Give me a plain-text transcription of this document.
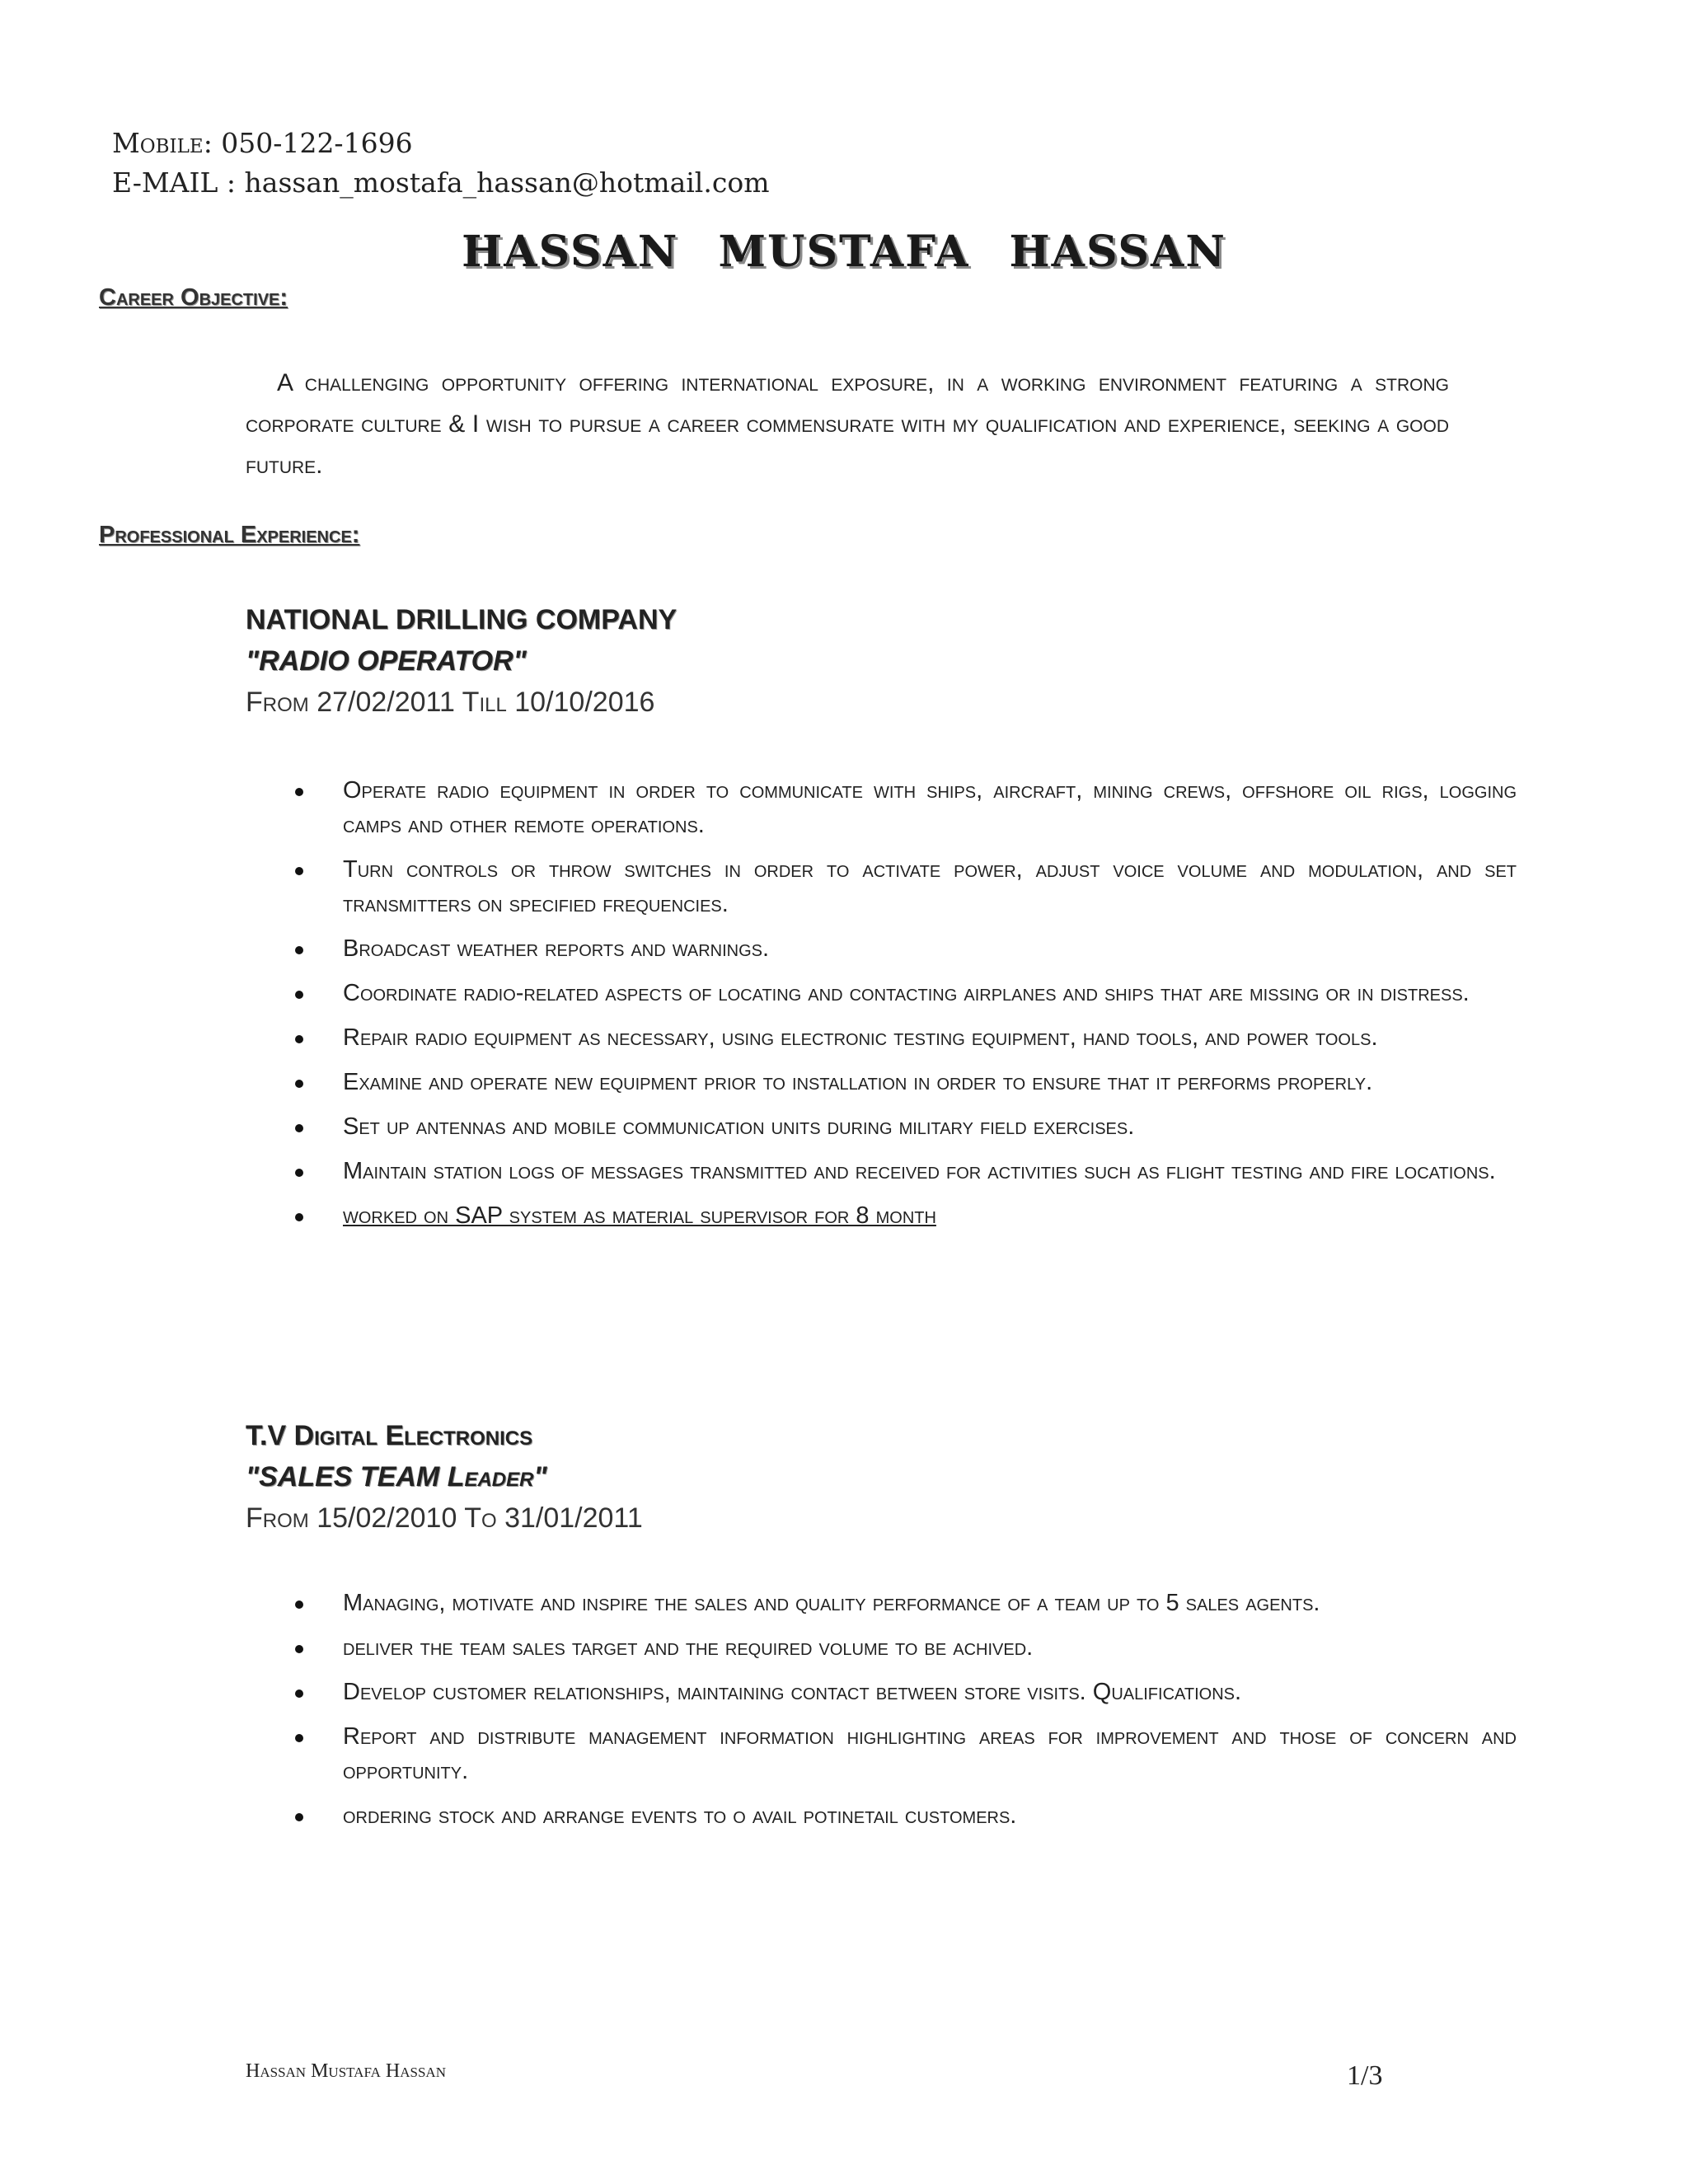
Mobile: 050-122-1696
E-MAIL : hassan_mostafa_hassan@hotmail.com
HASSAN MUSTAFA HASSAN
Career Objective:
A challenging opportunity offering international exposure, in a working environment featuring a strong corporate culture & I wish to pursue a career commensurate with my qualification and experience, seeking a good future.
Professional Experience:
NATIONAL DRILLING COMPANY
"RADIO OPERATOR"
From 27/02/2011 Till 10/10/2016
Operate radio equipment in order to communicate with ships, aircraft, mining crews, offshore oil rigs, logging camps and other remote operations.
Turn controls or throw switches in order to activate power, adjust voice volume and modulation, and set transmitters on specified frequencies.
Broadcast weather reports and warnings.
Coordinate radio-related aspects of locating and contacting airplanes and ships that are missing or in distress.
Repair radio equipment as necessary, using electronic testing equipment, hand tools, and power tools.
Examine and operate new equipment prior to installation in order to ensure that it performs properly.
Set up antennas and mobile communication units during military field exercises.
Maintain station logs of messages transmitted and received for activities such as flight testing and fire locations.
worked on SAP system as material supervisor for 8 month
T.V Digital Electronics
"SALES TEAM Leader"
From 15/02/2010 To 31/01/2011
Managing, motivate and inspire the sales and quality performance of a team up to 5 sales agents.
deliver the team sales target and the required volume to be achived.
Develop customer relationships, maintaining contact between store visits. Qualifications.
Report and distribute management information highlighting areas for improvement and those of concern and opportunity.
ordering stock and arrange events to o avail potinetail customers.
Hassan Mustafa Hassan	1/3
